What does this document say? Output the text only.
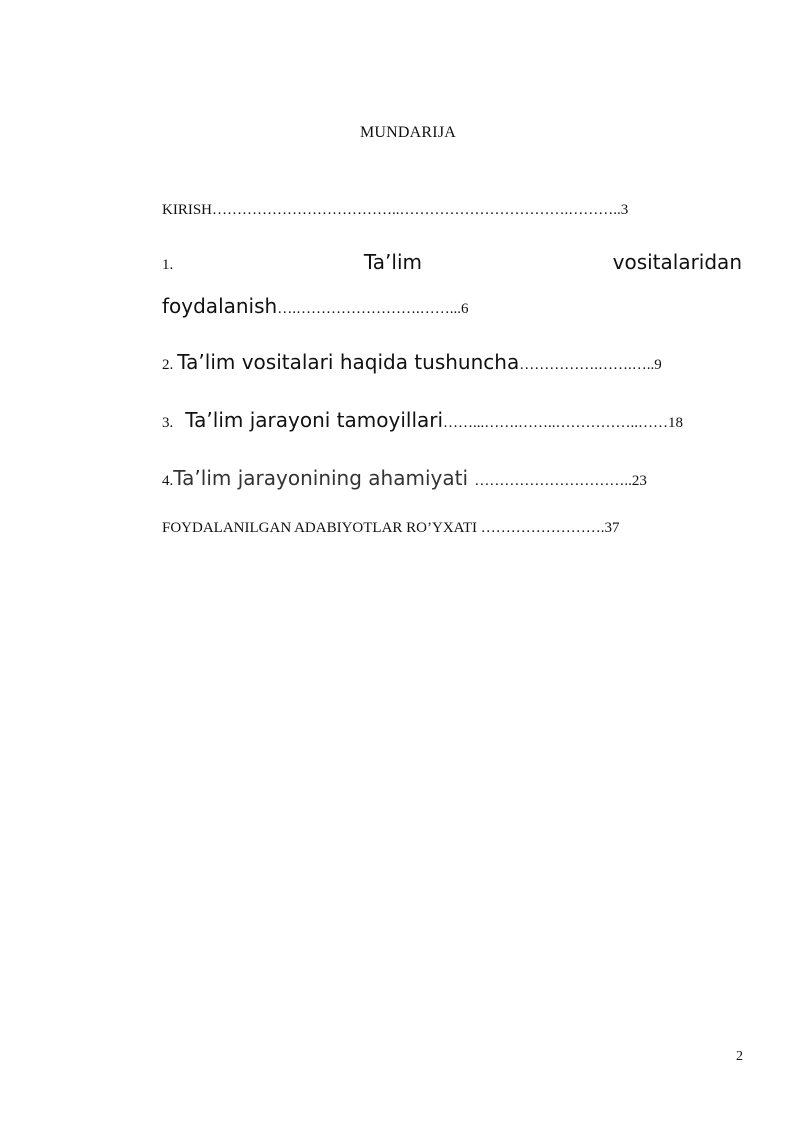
MUNDARIJA
KIRISH………………………………..…………………………….………..3
1.	Ta’lim	vositalaridan
foydalanish….…………………….……...6
2. Ta’lim vositalari haqida tushuncha…………….…….…..9
3. Ta’lim jarayoni tamoyillari……...…….……..……………..……18
4.Ta’lim jarayonining ahamiyati …………………………..23
FOYDALANILGAN ADABIYOTLAR RO’YXATI …………………….37
2
